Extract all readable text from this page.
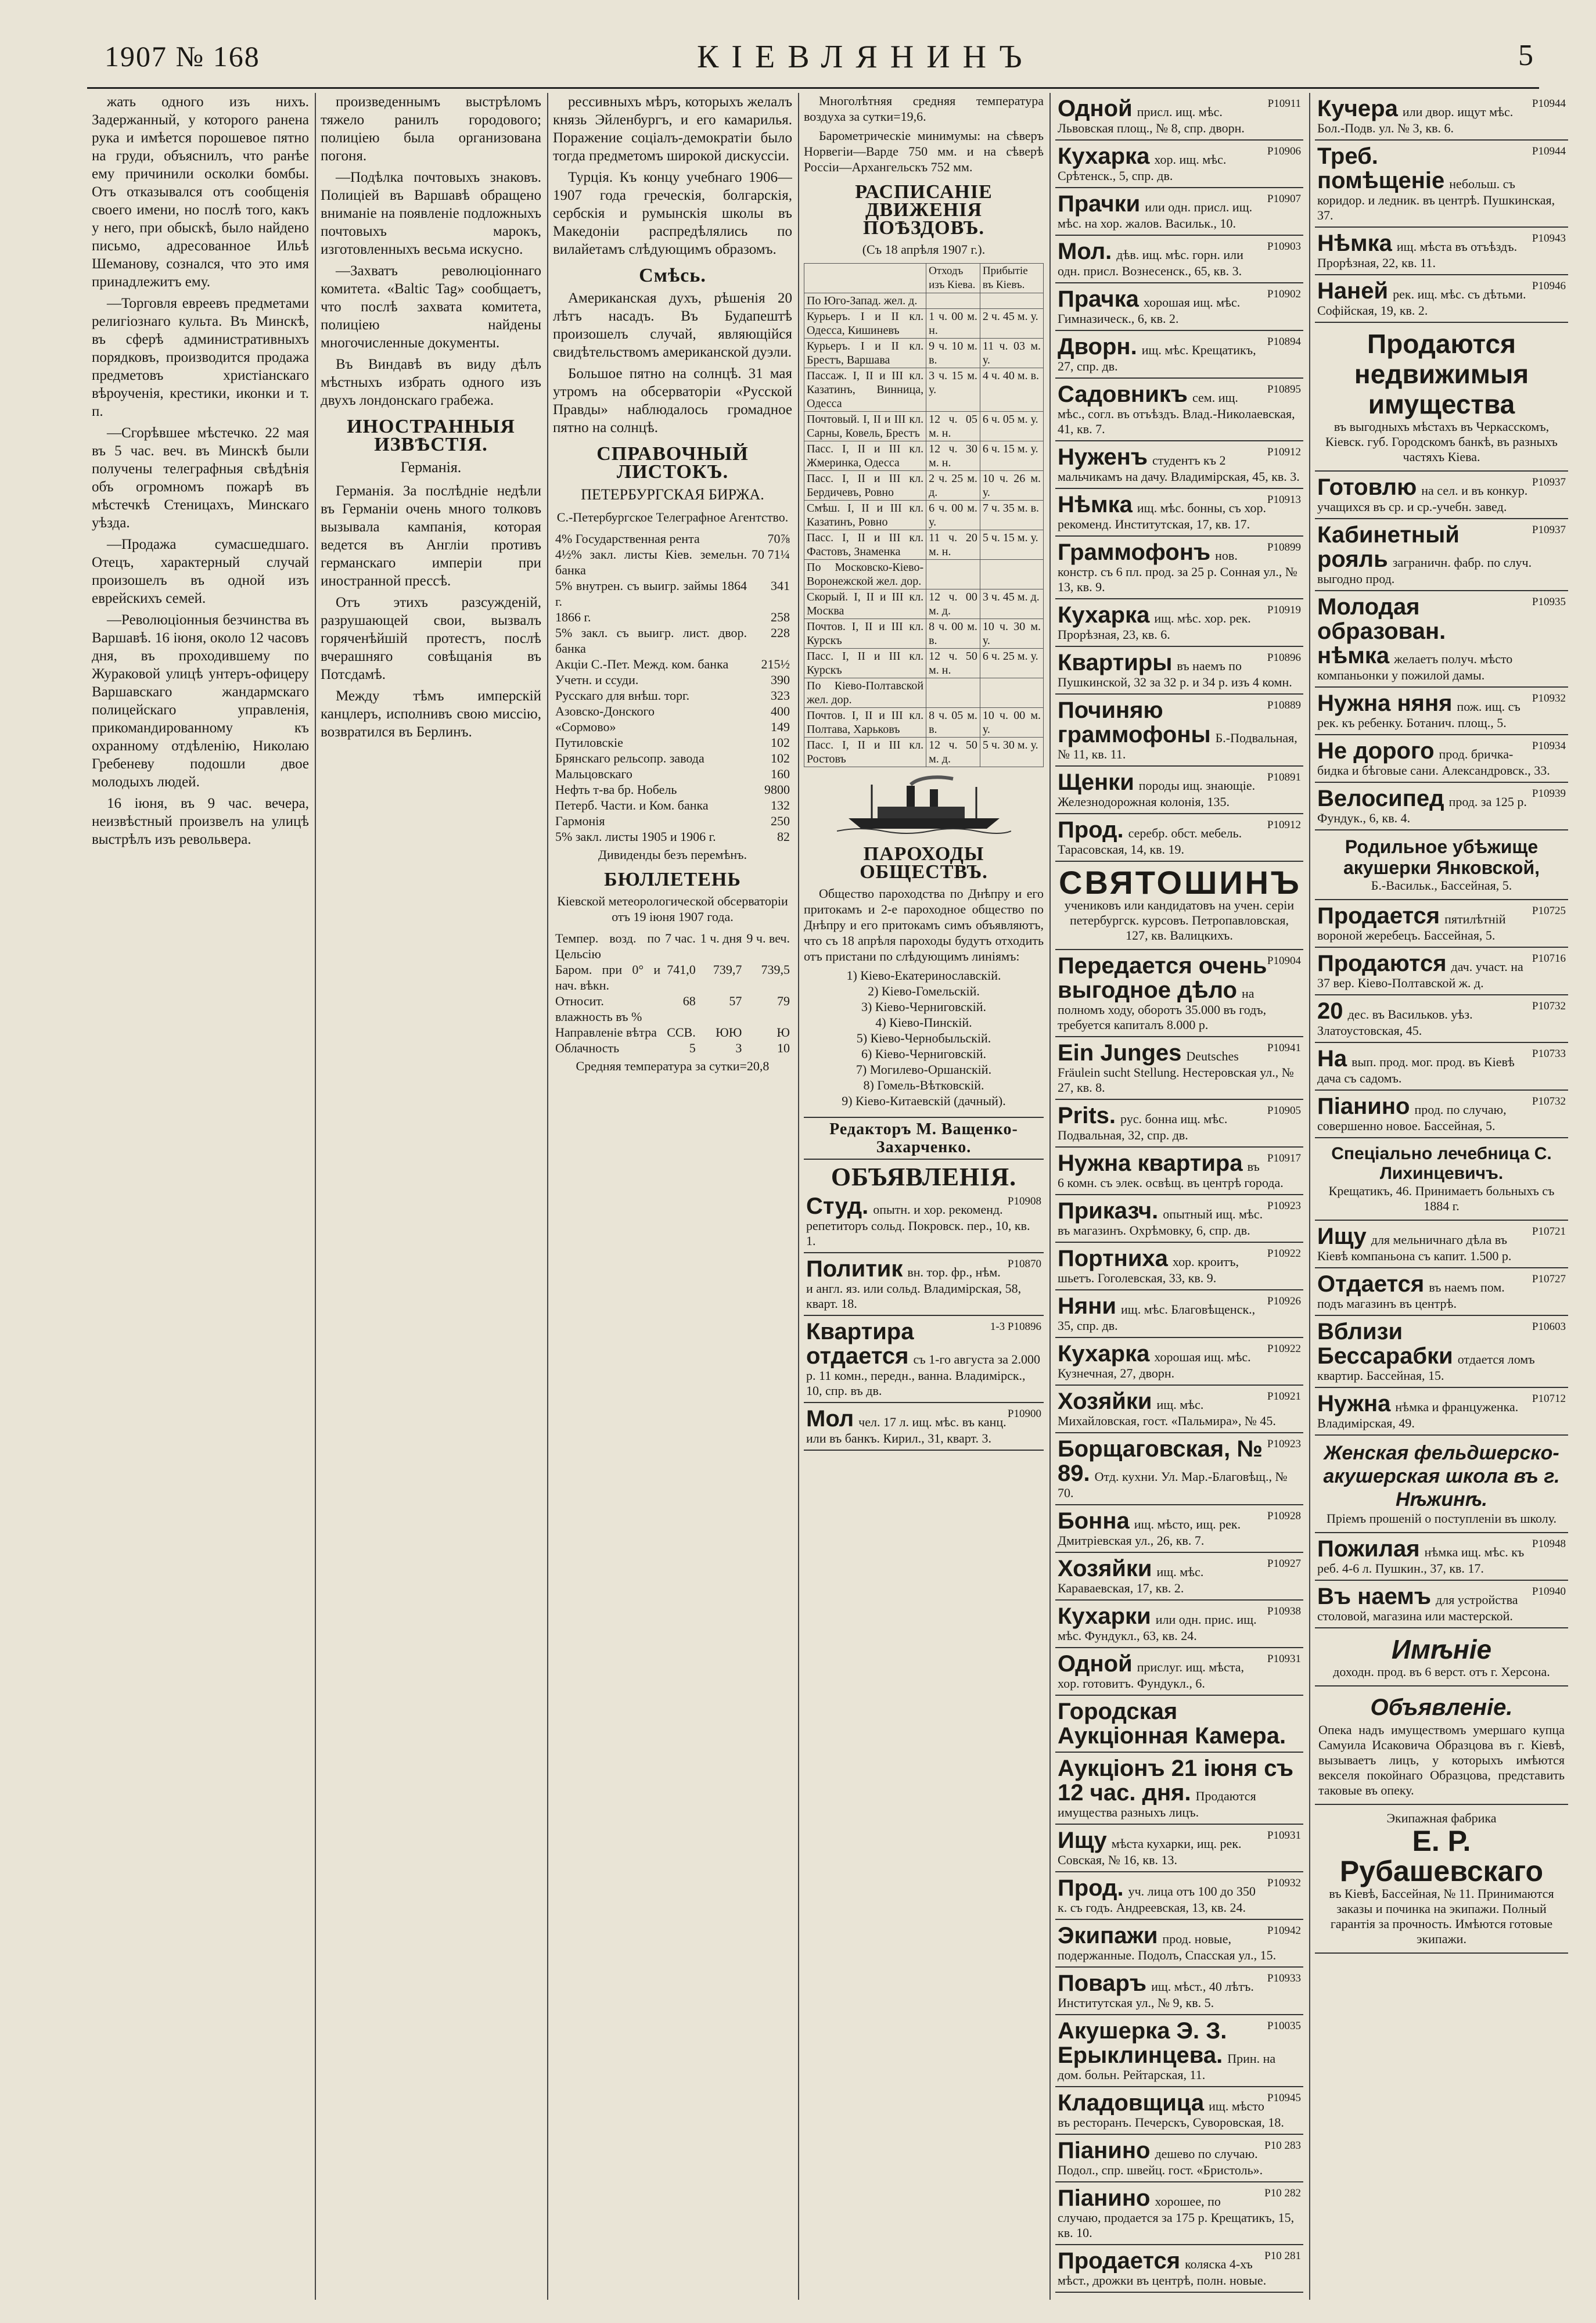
1907 № 168	КІЕВЛЯНИНЪ	5

жать одного изъ нихъ. Задержанный, у которого ранена рука и имѣется порошевое пятно на груди, объяснилъ, что ранѣе ему причинили осколки бомбы. Отъ отказывался отъ сообщенія своего имени, но послѣ того, какъ у него, при обыскѣ, было найдено письмо, адресованное Ильѣ Шеманову, сознался, что это имя принадлежитъ ему.

—Торговля евреевъ предметами религіознаго культа. Въ Минскѣ, въ сферѣ административныхъ порядковъ, производится продажа предметовъ христіанскаго вѣроученія, крестики, иконки и т. п.

—Сгорѣвшее мѣстечко. 22 мая въ 5 час. веч. въ Минскѣ были получены телеграфныя свѣдѣнія объ огромномъ пожарѣ въ мѣстечкѣ Стеницахъ, Минскаго уѣзда.

—Продажа сумасшедшаго. Отецъ, характерный случай произошелъ въ одной изъ еврейскихъ семей.

—Революціонныя безчинства въ Варшавѣ. 16 іюня, около 12 часовъ дня, въ проходившему по Жураковой улицѣ унтеръ-офицеру Варшавскаго жандармскаго полицейскаго управленія, прикомандированному къ охранному отдѣленію, Николаю Гребеневу подошли двое молодыхъ людей.

16 іюня, въ 9 час. вечера, неизвѣстный произвелъ на улицѣ выстрѣлъ изъ револьвера.

произведеннымъ выстрѣломъ тяжело ранилъ городового; полиціею была организована погоня.

—Подѣлка почтовыхъ знаковъ. Полиціей въ Варшавѣ обращено вниманіе на появленіе подложныхъ почтовыхъ марокъ, изготовленныхъ весьма искусно.

—Захватъ революціоннаго комитета. «Baltic Tag» сообщаетъ, что послѣ захвата комитета, полиціею найдены многочисленные документы.

Въ Виндавѣ въ виду дѣлъ мѣстныхъ избрать одного изъ двухъ лондонскаго грабежа.

ИНОСТРАННЫЯ ИЗВѢСТІЯ.
Германія.

Германія. За послѣдніе недѣли въ Германіи очень много толковъ вызывала кампанія, которая ведется въ Англіи противъ германскаго имперіи при иностранной прессѣ.

Отъ этихъ разсужденій, разрушающей свои, вызвалъ горяченѣйшій протестъ, послѣ вчерашняго совѣщанія въ Потсдамѣ.

Между тѣмъ имперскій канцлеръ, исполнивъ свою миссію, возвратился въ Берлинъ.

рессивныхъ мѣръ, которыхъ желалъ князь Эйленбургъ, и его камарилья. Поражение соціалъ-демократіи было тогда предметомъ широкой дискуссіи.

Турція. Къ концу учебнаго 1906—1907 года греческія, болгарскія, сербскія и румынскія школы въ Македоніи распредѣлялись по вилайетамъ слѣдующимъ образомъ.

Смѣсь.

Американская духъ, рѣшенія 20 лѣтъ насадъ. Въ Будапештѣ произошелъ случай, являющійся свидѣтельствомъ американской дуэли.

Большое пятно на солнцѣ. 31 мая утромъ на обсерваторіи «Русской Правды» наблюдалось громадное пятно на солнцѣ.

СПРАВОЧНЫЙ ЛИСТОКЪ.
ПЕТЕРБУРГСКАЯ БИРЖА.
С.-Петербургское Телеграфное Агентство.
4% Государственная рента	70⅞
4½% закл. листы Кіев. земельн. банка	70 71¼
5% внутрен. съ выигр. займы 1864 г.	341
1866 г.	258
5% закл. съ выигр. лист. двор. банка	228
Акціи С.-Пет. Межд. ком. банка	215½
Учетн. и ссуди.	390
Русскаго для внѣш. торг.	323
Азовско-Донского	400
«Сормово»	149
Путиловскіе	102
Брянскаго рельсопр. завода	102
Мальцовскаго	160
Нефть т-ва бр. Нобель	9800
Петерб. Части. и Ком. банка	132
Гармонія	250
5% закл. листы 1905 и 1906 г.	82
Дивиденды безъ перемѣнъ.
БЮЛЛЕТЕНЬ
Кіевской метеорологической обсерваторіи отъ 19 іюня 1907 года.
Темпер. возд. по Цельсію	7 час.	1 ч. дня	9 ч. веч.
Баром. при 0° и нач. вѣкн.	741,0	739,7	739,5
Относит. влажность въ %	68	57	79
Направленіе вѣтра	ССВ.	ЮЮ	Ю
Облачность	5	3	10
Средняя температура за сутки=20,8

Многолѣтняя средняя температура воздуха за сутки=19,6.

Барометрическіе минимумы: на сѣверъ Норвегіи—Варде 750 мм. и на сѣверѣ Россіи—Архангельскъ 752 мм.

РАСПИСАНІЕ ДВИЖЕНІЯ ПОѢЗДОВЪ.
(Съ 18 апрѣля 1907 г.).
	Отходъ изъ Кіева.	Прибытіе въ Кіевъ.
По Юго-Запад. жел. д.		
Курьеръ. I и II кл. Одесса, Кишиневъ	1 ч. 00 м. н.	2 ч. 45 м. у.
Курьеръ. I и II кл. Брестъ, Варшава	9 ч. 10 м. в.	11 ч. 03 м. у.
Пассаж. I, II и III кл. Казатинъ, Винница, Одесса	3 ч. 15 м. у.	4 ч. 40 м. в.
Почтовый. I, II и III кл. Сарны, Ковель, Брестъ	12 ч. 05 м. н.	6 ч. 05 м. у.
Пасс. I, II и III кл. Жмеринка, Одесса	12 ч. 30 м. н.	6 ч. 15 м. у.
Пасс. I, II и III кл. Бердичевъ, Ровно	2 ч. 25 м. д.	10 ч. 26 м. у.
Смѣш. I, II и III кл. Казатинъ, Ровно	6 ч. 00 м. у.	7 ч. 35 м. в.
Пасс. I, II и III кл. Фастовъ, Знаменка	11 ч. 20 м. н.	5 ч. 15 м. у.
По Московско-Кіево-Воронежской жел. дор.		
Скорый. I, II и III кл. Москва	12 ч. 00 м. д.	3 ч. 45 м. д.
Почтов. I, II и III кл. Курскъ	8 ч. 00 м. в.	10 ч. 30 м. у.
Пасс. I, II и III кл. Курскъ	12 ч. 50 м. н.	6 ч. 25 м. у.
По Кіево-Полтавской жел. дор.		
Почтов. I, II и III кл. Полтава, Харьковъ	8 ч. 05 м. в.	10 ч. 00 м. у.
Пасс. I, II и III кл. Ростовъ	12 ч. 50 м. д.	5 ч. 30 м. у.
ПАРОХОДЫ ОБЩЕСТВЪ.

Общество пароходства по Днѣпру и его притокамъ и 2-е пароходное общество по Днѣпру и его притокамъ симъ объявляютъ, что съ 18 апрѣля пароходы будутъ отходить отъ пристани по слѣдующимъ линіямъ:

1) Кіево-Екатеринославскій.
2) Кіево-Гомельскій.
3) Кіево-Черниговскій.
4) Кіево-Пинскій.
5) Кіево-Чернобыльскій.
6) Кіево-Черниговскій.
7) Могилево-Оршанскій.
8) Гомель-Вѣтковскій.
9) Кіево-Китаевскій (дачный).
Редакторъ М. Ващенко-Захарченко.
ОБЪЯВЛЕНІЯ.
Р10908
Студ. опытн. и хор. рекоменд. репетиторъ сольд. Покровск. пер., 10, кв. 1.
Р10870
Политик вн. тор. фр., нѣм. и англ. яз. или сольд. Владимірская, 58, кварт. 18.
1-3 Р10896
Квартира отдается съ 1-го августа за 2.000 р. 11 комн., передн., ванна. Владимірск., 10, спр. въ дв.
Р10900
Мол чел. 17 л. ищ. мѣс. въ канц. или въ банкъ. Кирил., 31, кварт. 3.
Р10911
Одной присл. ищ. мѣс. Львовская площ., № 8, спр. дворн.
Р10906
Кухарка хор. ищ. мѣс. Срѣтенск., 5, спр. дв.
Р10907
Прачки или одн. присл. ищ. мѣс. на хор. жалов. Васильк., 10.
Р10903
Мол. дѣв. ищ. мѣс. горн. или одн. присл. Вознесенск., 65, кв. 3.
Р10902
Прачка хорошая ищ. мѣс. Гимназическ., 6, кв. 2.
Р10894
Дворн. ищ. мѣс. Крещатикъ, 27, спр. дв.
Р10895
Садовникъ сем. ищ. мѣс., согл. въ отъѣздъ. Влад.-Николаевская, 41, кв. 7.
Р10912
Нуженъ студентъ къ 2 мальчикамъ на дачу. Владимірская, 45, кв. 3.
Р10913
Нѣмка ищ. мѣс. бонны, съ хор. рекоменд. Институтская, 17, кв. 17.
Р10899
Граммофонъ нов. констр. съ 6 пл. прод. за 25 р. Сонная ул., № 13, кв. 9.
Р10919
Кухарка ищ. мѣс. хор. рек. Прорѣзная, 23, кв. 6.
Р10896
Квартиры въ наемъ по Пушкинской, 32 за 32 р. и 34 р. изъ 4 комн.
Р10889
Починяю граммофоны Б.-Подвальная, № 11, кв. 11.
Р10891
Щенки породы ищ. знающіе. Железнодорожная колонія, 135.
Р10912
Прод. серебр. обст. мебель. Тарасовская, 14, кв. 19.
СВЯТОШИНЪ
учениковъ или кандидатовъ на учен. серіи петербургск. курсовъ. Петропавловская, 127, кв. Валицкихъ.
Р10904
Передается очень выгодное дѣло на полномъ ходу, оборотъ 35.000 въ годъ, требуется капиталъ 8.000 р.
Р10941
Ein Junges Deutsches Fräulein sucht Stellung. Нестеровская ул., № 27, кв. 8.
Р10905
Prits. рус. бонна ищ. мѣс. Подвальная, 32, спр. дв.
Р10917
Нужна квартира въ 6 комн. съ элек. освѣщ. въ центрѣ города.
Р10923
Приказч. опытный ищ. мѣс. въ магазинъ. Охрѣмовку, 6, спр. дв.
Р10922
Портнихa хор. кроитъ, шьетъ. Гоголевская, 33, кв. 9.
Р10926
Няни ищ. мѣс. Благовѣщенск., 35, спр. дв.
Р10922
Кухарка хорошая ищ. мѣс. Кузнечная, 27, дворн.
Р10921
Хозяйки ищ. мѣс. Михайловская, гост. «Пальмира», № 45.
Р10923
Борщаговская, № 89. Отд. кухни. Ул. Мар.-Благовѣщ., № 70.
Р10928
Бонна ищ. мѣсто, ищ. рек. Дмитріевская ул., 26, кв. 7.
Р10927
Хозяйки ищ. мѣс. Караваевская, 17, кв. 2.
Р10938
Кухарки или одн. прис. ищ. мѣс. Фундукл., 63, кв. 24.
Р10931
Одной прислуг. ищ. мѣста, хор. готовитъ. Фундукл., 6.
Городская Аукціонная Камера.
Аукціонъ 21 іюня съ 12 час. дня. Продаются имущества разныхъ лицъ.
Р10931
Ищу мѣста кухарки, ищ. рек. Совская, № 16, кв. 13.
Р10932
Прод. уч. лица отъ 100 до 350 к. съ годъ. Андреевская, 13, кв. 24.
Р10942
Экипажи прод. новые, подержанные. Подолъ, Спасская ул., 15.
Р10933
Поваръ ищ. мѣст., 40 лѣтъ. Институтская ул., № 9, кв. 5.
Р10035
Акушерка Э. З. Ерыклинцева. Прин. на дом. больн. Рейтарская, 11.
Р10945
Кладовщица ищ. мѣсто въ ресторанъ. Печерскъ, Суворовская, 18.
Р10 283
Піанино дешево по случаю. Подол., спр. швейц. гост. «Бристоль».
Р10 282
Піанино хорошее, по случаю, продается за 175 р. Крещатикъ, 15, кв. 10.
Р10 281
Продается коляска 4-хъ мѣст., дрожки въ центрѣ, полн. новые.
Р10944
Кучера или двор. ищут мѣс. Бол.-Подв. ул. № 3, кв. 6.
Р10944
Треб. помѣщеніе небольш. съ коридор. и ледник. въ центрѣ. Пушкинская, 37.
Р10943
Нѣмка ищ. мѣста въ отъѣздъ. Прорѣзная, 22, кв. 11.
Р10946
Наней рек. ищ. мѣс. съ дѣтьми. Софійская, 19, кв. 2.
Продаются недвижимыя имущества
въ выгодныхъ мѣстахъ въ Черкасскомъ, Кіевск. губ. Городскомъ банкѣ, въ разныхъ частяхъ Кіева.
Р10937
Готовлю на сел. и въ конкур. учащихся въ ср. и ср.-учебн. завед.
Р10937
Кабинетный рояль заграничн. фабр. по случ. выгодно прод.
Р10935
Молодая образован. нѣмка желаетъ получ. мѣсто компаньонки у пожилой дамы.
Р10932
Нужна няня пож. ищ. съ рек. къ ребенку. Ботанич. площ., 5.
Р10934
Не дорого прод. бричка-бидка и бѣговые сани. Александровск., 33.
Р10939
Велосипед прод. за 125 р. Фундук., 6, кв. 4.
Родильное убѣжище акушерки Янковской,
Б.-Васильк., Бассейная, 5.
Р10725
Продается пятилѣтній вороной жеребецъ. Бассейная, 5.
Р10716
Продаются дач. участ. на 37 вер. Кіево-Полтавской ж. д.
Р10732
20 дес. въ Васильков. уѣз. Златоустовская, 45.
Р10733
На вып. прод. мог. прод. въ Кіевѣ дача съ садомъ.
Р10732
Піанино прод. по случаю, совершенно новое. Бассейная, 5.
Спеціально лечебница С. Лихинцевичъ.
Крещатикъ, 46. Принимаетъ больныхъ съ 1884 г.
Р10721
Ищу для мельничнаго дѣла въ Кіевѣ компаньона съ капит. 1.500 р.
Р10727
Отдается въ наемъ пом. подъ магазинъ въ центрѣ.
Р10603
Вблизи Бессарабки отдается ломъ квартир. Бассейная, 15.
Р10712
Нужна нѣмка и француженка. Владимірская, 49.
Женская фельдшерско-акушерская школа въ г. Нѣжинѣ.
Пріемъ прошеній о поступленіи въ школу.
Р10948
Пожилая нѣмка ищ. мѣс. къ реб. 4-6 л. Пушкин., 37, кв. 17.
Р10940
Въ наемъ для устройства столовой, магазина или мастерской.
Имѣніе
доходн. прод. въ 6 верст. отъ г. Херсона.
Объявленіе.
Опека надъ имуществомъ умершаго купца Самуила Исаковича Образцова въ г. Кіевѣ, вызываетъ лицъ, у которыхъ имѣются векселя покойнаго Образцова, представить таковые въ опеку.
Экипажная фабрика
Е. Р. Рубашевскаго
въ Кіевѣ, Бассейная, № 11. Принимаются заказы и починка на экипажи. Полный гарантія за прочность. Имѣются готовые экипажи.
